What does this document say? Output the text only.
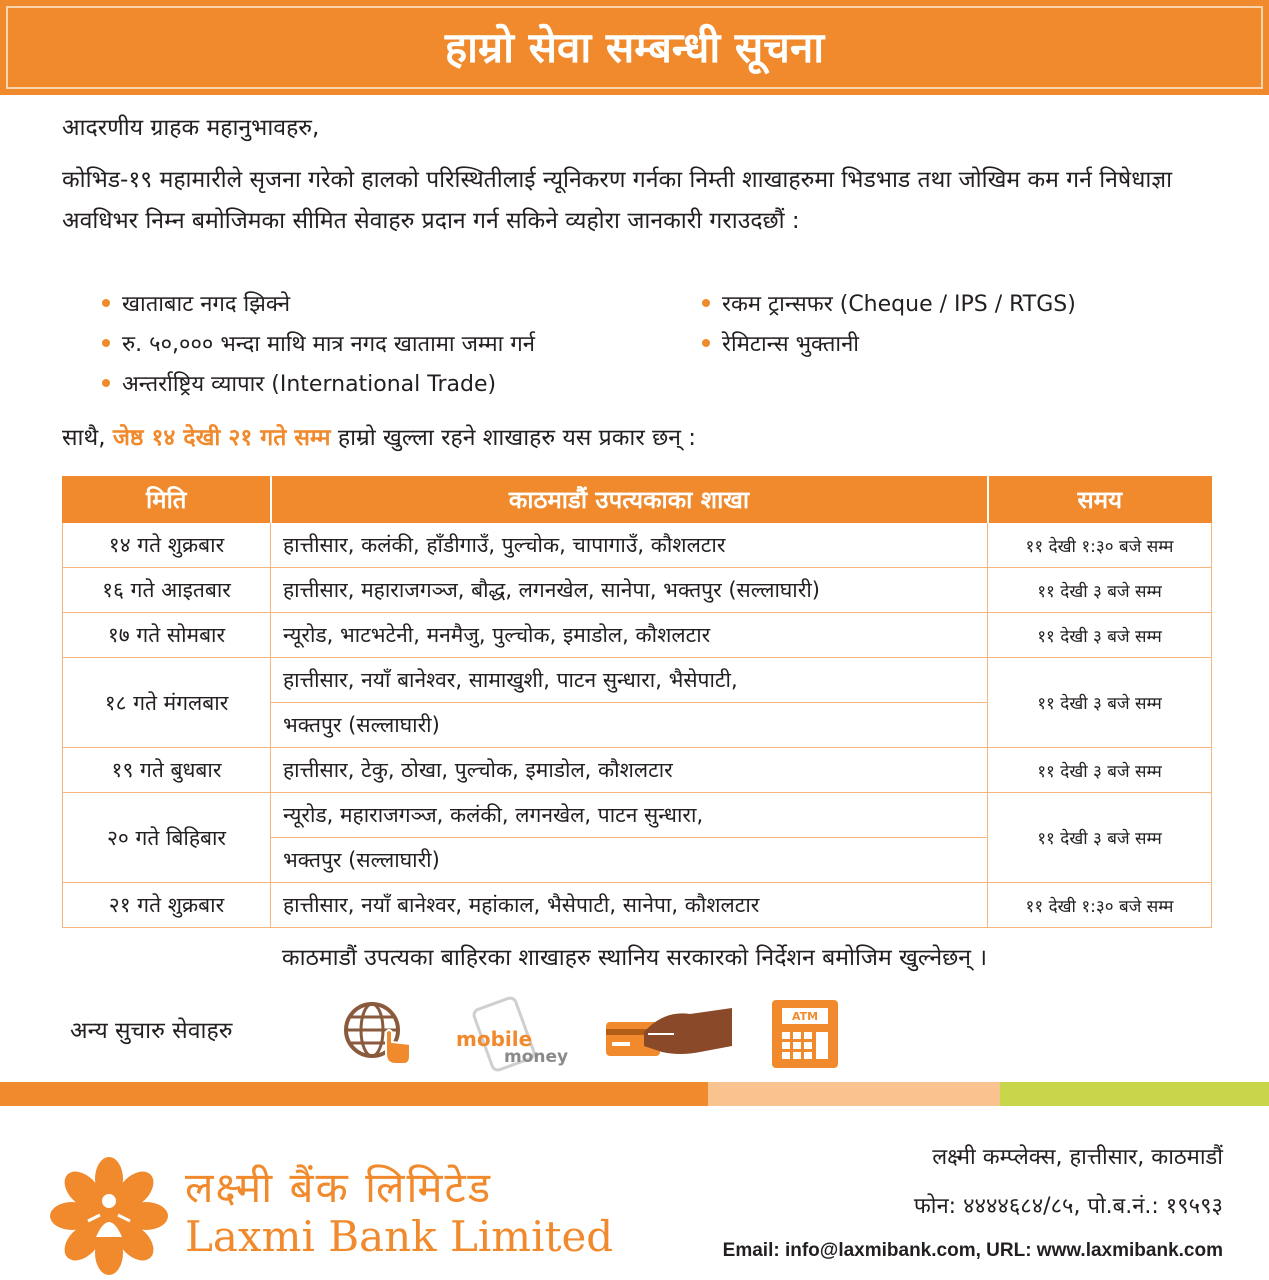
हाम्रो सेवा सम्बन्धी सूचना
आदरणीय ग्राहक महानुभावहरु,
कोभिड-१९ महामारीले सृजना गरेको हालको परिस्थितीलाई न्यूनिकरण गर्नका निम्ती शाखाहरुमा भिडभाड तथा जोखिम कम गर्न निषेधाज्ञा अवधिभर निम्न बमोजिमका सीमित सेवाहरु प्रदान गर्न सकिने व्यहोरा जानकारी गराउदछौं :
खाताबाट नगद झिक्ने
रु. ५०,००० भन्दा माथि मात्र नगद खातामा जम्मा गर्न
अन्तर्राष्ट्रिय व्यापार (International Trade)
रकम ट्रान्सफर (Cheque / IPS / RTGS)
रेमिटान्स भुक्तानी
साथै, जेष्ठ १४ देखी २१ गते सम्म हाम्रो खुल्ला रहने शाखाहरु यस प्रकार छन् :
मिति	काठमाडौं उपत्यकाका शाखा	समय
१४ गते शुक्रबार	हात्तीसार, कलंकी, हाँडीगाउँ, पुल्चोक, चापागाउँ, कौशलटार	११ देखी १:३० बजे सम्म
१६ गते आइतबार	हात्तीसार, महाराजगञ्ज, बौद्ध, लगनखेल, सानेपा, भक्तपुर (सल्लाघारी)	११ देखी ३ बजे सम्म
१७ गते सोमबार	न्यूरोड, भाटभटेनी, मनमैजु, पुल्चोक, इमाडोल, कौशलटार	११ देखी ३ बजे सम्म
१८ गते मंगलबार	हात्तीसार, नयाँ बानेश्वर, सामाखुशी, पाटन सुन्धारा, भैसेपाटी,	११ देखी ३ बजे सम्म
	भक्तपुर (सल्लाघारी)	
१९ गते बुधबार	हात्तीसार, टेकु, ठोखा, पुल्चोक, इमाडोल, कौशलटार	११ देखी ३ बजे सम्म
२० गते बिहिबार	न्यूरोड, महाराजगञ्ज, कलंकी, लगनखेल, पाटन सुन्धारा,	११ देखी ३ बजे सम्म
	भक्तपुर (सल्लाघारी)	
२१ गते शुक्रबार	हात्तीसार, नयाँ बानेश्वर, महांकाल, भैसेपाटी, सानेपा, कौशलटार	११ देखी १:३० बजे सम्म
काठमाडौं उपत्यका बाहिरका शाखाहरु स्थानिय सरकारको निर्देशन बमोजिम खुल्नेछन् ।
अन्य सुचारु सेवाहरु	mobile
money
ATM
लक्ष्मी बैंक लिमिटेड
Laxmi Bank Limited
लक्ष्मी कम्प्लेक्स, हात्तीसार, काठमाडौं
फोन: ४४४४६८४/८५, पो.ब.नं.: १९५९३
Email: info@laxmibank.com, URL: www.laxmibank.com
